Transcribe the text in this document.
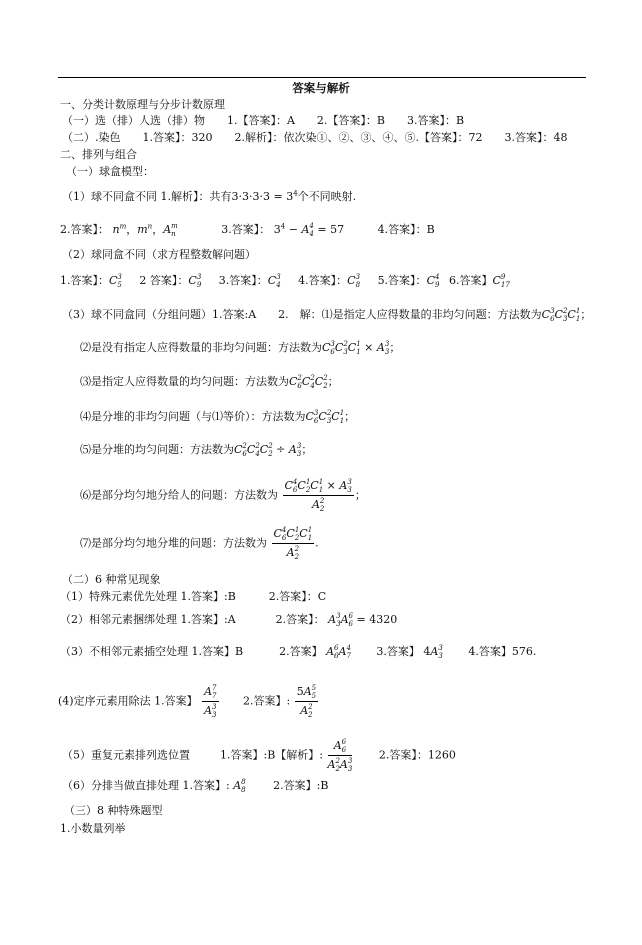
答案与解析
一、分类计数原理与分步计数原理
（一）选（排）人选（排）物　　1.【答案】：A　　2.【答案】：B　　3.答案】：B
（二）.染色　　1.答案】：320　　2.解析】：依次染①、②、③、④、⑤.【答案】：72　　3.答案】：48
二、排列与组合
（一）球盒模型：
（1）球不同盒不同 1.解析】：共有$3\cdot 3\cdot 3\cdot 3 = 3^4$个不同映射.
2.答案】： $n^m$，$m^n$，A m
n	3.答案】： $3^4 - A$ 4
4 = 57	4.答案】：B
（2）球同盒不同（求方程整数解问题）
1.答案】：C 3
5 2 答案】：C 3
9 3.答案】：C 3
4 4.答案】：C 3
8 5.答案】：C 4
9 6.答案】C 9
17
（3）球不同盒同（分组问题）1.答案:A　　2.　解：⑴是指定人应得数量的非均匀问题：方法数为C 3
6 C 2
3 C 1
1 ；
⑵是没有指定人应得数量的非均匀问题：方法数为C 3
6 C 2
3 C 1
1 × A 3
3 ；
⑶是指定人应得数量的均匀问题：方法数为C 2
6 C 2
4 C 2
2 ；
⑷是分堆的非均匀问题（与⑴等价）：方法数为C 3
6 C 2
3 C 1
1 ；
⑸是分堆的均匀问题：方法数为C 2
6 C 2
4 C 2
2 ÷ A 3
3 ；
⑹是部分均匀地分给人的问题：方法数为 C 4
6 C 1
2 C 1
1 × A 3
3
A 2
2 ；
⑺是部分均匀地分堆的问题：方法数为 C 4
6 C 1
2 C 1
1
A 2
2 .
（二）6 种常见现象
（1）特殊元素优先处理 1.答案】:B　　　2.答案】：C
（2）相邻元素捆绑处理 1.答案】:A	2.答案】： A 3
3 A 6
6 = 4320
（3）不相邻元素插空处理 1.答案】B	2.答案】 A 6
6 A 4
7 3.答案】 4A 3
3 4.答案】576.
(4)定序元素用除法 1.答案】 A 7
7
A 3
3 2.答案】: 5A 5
5
A 2
2
（5）重复元素排列选位置	1.答案】:B【解析】: A 6
6
A 2
2 A 3
3 2.答案】：1260
（6）分排当做直排处理 1.答案】: A 8
8	2.答案】:B
（三）8 种特殊题型
1.小数量列举
